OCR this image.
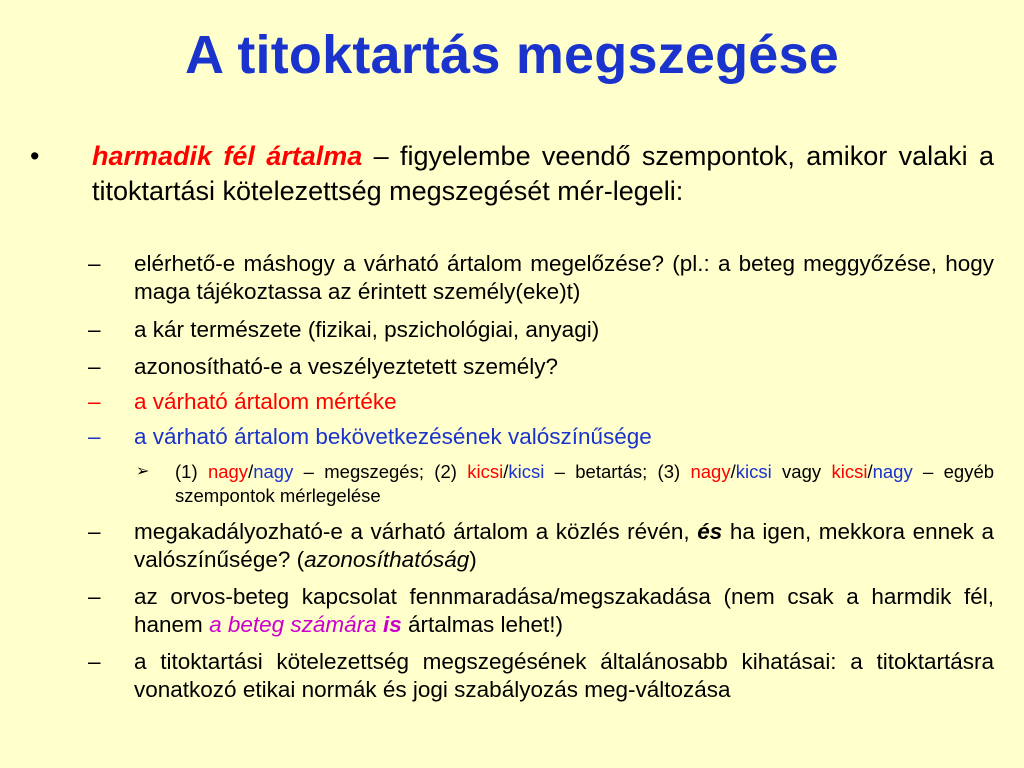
A titoktartás megszegése
• harmadik fél ártalma – figyelembe veendő szempontok, amikor valaki a titoktartási kötelezettség megszegését mér-legeli:
– elérhető-e máshogy a várható ártalom megelőzése? (pl.: a beteg meggyőzése, hogy maga tájékoztassa az érintett személy(eke)t)
– a kár természete (fizikai, pszichológiai, anyagi)
– azonosítható-e a veszélyeztetett személy?
– a várható ártalom mértéke
– a várható ártalom bekövetkezésének valószínűsége
➢ (1) nagy/nagy – megszegés; (2) kicsi/kicsi – betartás; (3) nagy/kicsi vagy kicsi/nagy – egyéb szempontok mérlegelése
– megakadályozható-e a várható ártalom a közlés révén, és ha igen, mekkora ennek a valószínűsége? (azonosíthatóság)
– az orvos-beteg kapcsolat fennmaradása/megszakadása (nem csak a harmdik fél, hanem a beteg számára is ártalmas lehet!)
– a titoktartási kötelezettség megszegésének általánosabb kihatásai: a titoktartásra vonatkozó etikai normák és jogi szabályozás meg-változása
